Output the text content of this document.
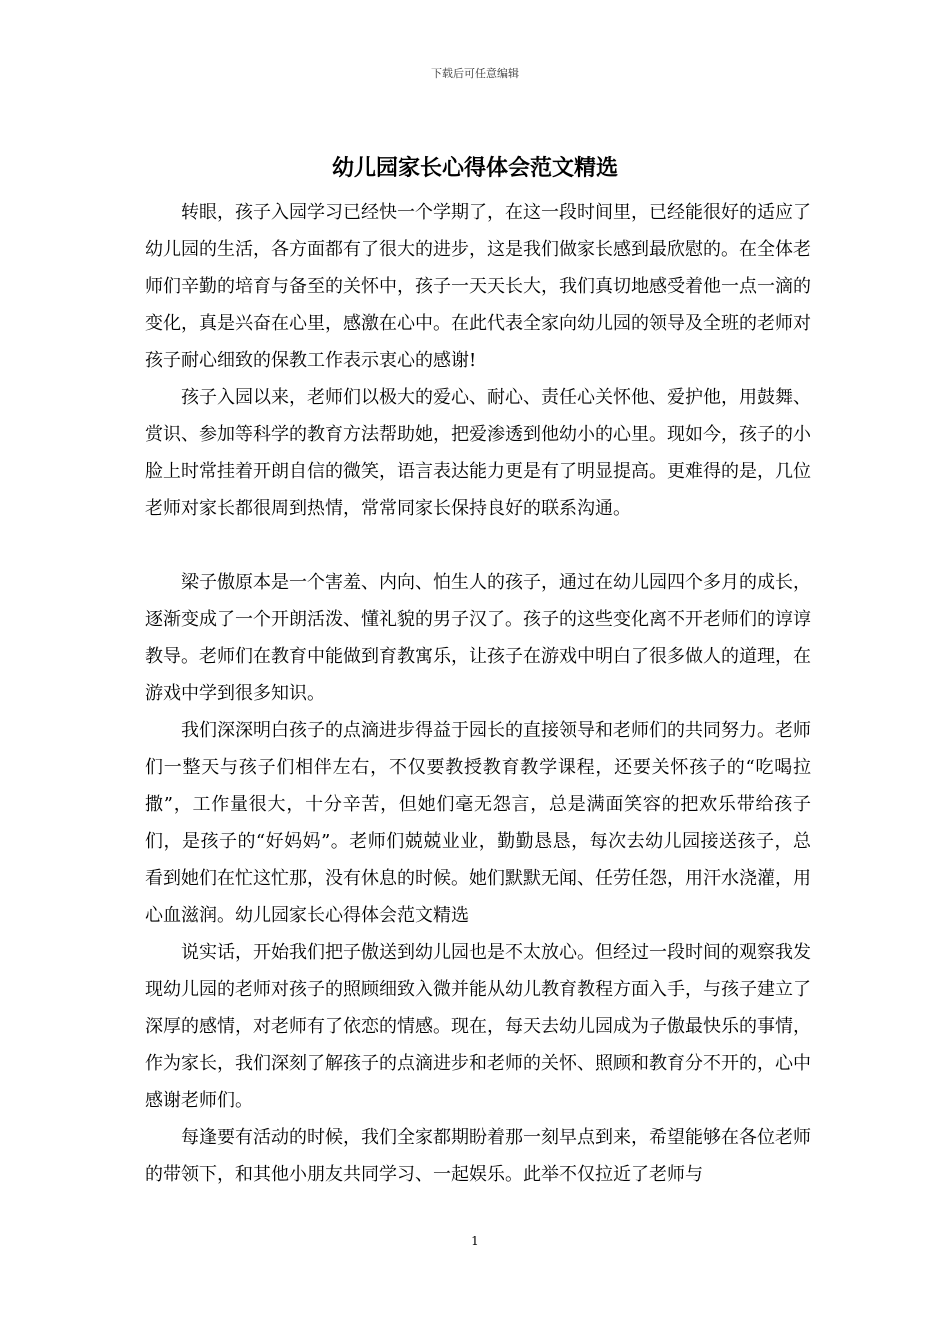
下载后可任意编辑
幼儿园家长心得体会范文精选

转眼，孩子入园学习已经快一个学期了，在这一段时间里，已经能很好的适应了幼儿园的生活，各方面都有了很大的进步，这是我们做家长感到最欣慰的。在全体老师们辛勤的培育与备至的关怀中，孩子一天天长大，我们真切地感受着他一点一滴的变化，真是兴奋在心里，感激在心中。在此代表全家向幼儿园的领导及全班的老师对孩子耐心细致的保教工作表示衷心的感谢!

孩子入园以来，老师们以极大的爱心、耐心、责任心关怀他、爱护他，用鼓舞、赏识、参加等科学的教育方法帮助她，把爱渗透到他幼小的心里。现如今，孩子的小脸上时常挂着开朗自信的微笑，语言表达能力更是有了明显提高。更难得的是，几位老师对家长都很周到热情，常常同家长保持良好的联系沟通。

梁子傲原本是一个害羞、内向、怕生人的孩子，通过在幼儿园四个多月的成长，逐渐变成了一个开朗活泼、懂礼貌的男子汉了。孩子的这些变化离不开老师们的谆谆教导。老师们在教育中能做到育教寓乐，让孩子在游戏中明白了很多做人的道理，在游戏中学到很多知识。

我们深深明白孩子的点滴进步得益于园长的直接领导和老师们的共同努力。老师们一整天与孩子们相伴左右，不仅要教授教育教学课程，还要关怀孩子的“吃喝拉撒”，工作量很大，十分辛苦，但她们毫无怨言，总是满面笑容的把欢乐带给孩子们，是孩子的“好妈妈”。老师们兢兢业业，勤勤恳恳，每次去幼儿园接送孩子，总看到她们在忙这忙那，没有休息的时候。她们默默无闻、任劳任怨，用汗水浇灌，用心血滋润。幼儿园家长心得体会范文精选

说实话，开始我们把子傲送到幼儿园也是不太放心。但经过一段时间的观察我发现幼儿园的老师对孩子的照顾细致入微并能从幼儿教育教程方面入手，与孩子建立了深厚的感情，对老师有了依恋的情感。现在，每天去幼儿园成为子傲最快乐的事情，作为家长，我们深刻了解孩子的点滴进步和老师的关怀、照顾和教育分不开的，心中感谢老师们。

每逢要有活动的时候，我们全家都期盼着那一刻早点到来，希望能够在各位老师的带领下，和其他小朋友共同学习、一起娱乐。此举不仅拉近了老师与

1
